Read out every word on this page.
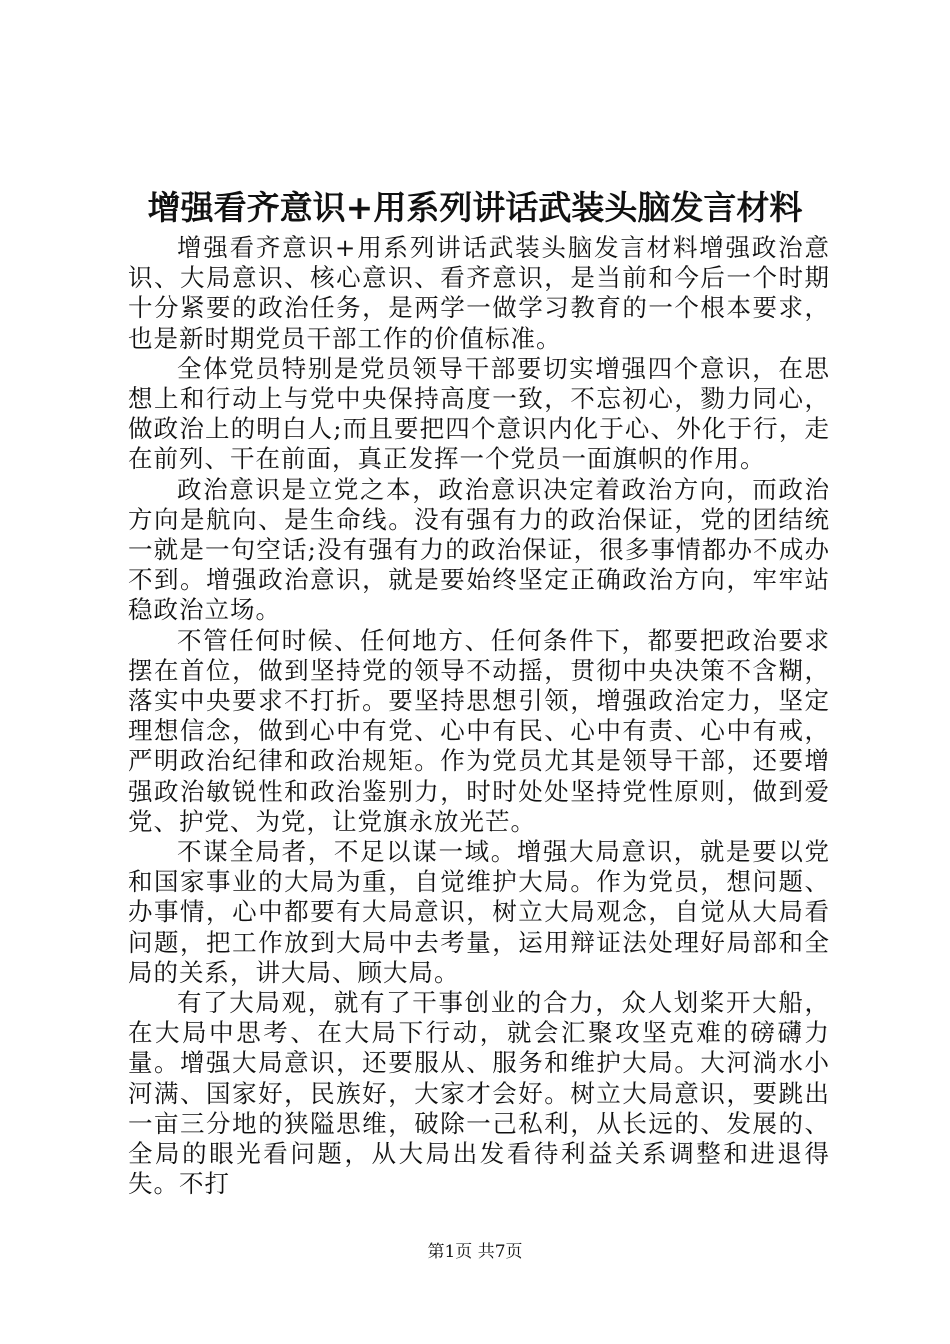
增强看齐意识+用系列讲话武装头脑发言材料

增强看齐意识+用系列讲话武装头脑发言材料增强政治意识、大局意识、核心意识、看齐意识，是当前和今后一个时期十分紧要的政治任务，是两学一做学习教育的一个根本要求，也是新时期党员干部工作的价值标准。

全体党员特别是党员领导干部要切实增强四个意识，在思想上和行动上与党中央保持高度一致，不忘初心，勠力同心，做政治上的明白人;而且要把四个意识内化于心、外化于行，走在前列、干在前面，真正发挥一个党员一面旗帜的作用。

政治意识是立党之本，政治意识决定着政治方向，而政治方向是航向、是生命线。没有强有力的政治保证，党的团结统一就是一句空话;没有强有力的政治保证，很多事情都办不成办不到。增强政治意识，就是要始终坚定正确政治方向，牢牢站稳政治立场。

不管任何时候、任何地方、任何条件下，都要把政治要求摆在首位，做到坚持党的领导不动摇，贯彻中央决策不含糊，落实中央要求不打折。要坚持思想引领，增强政治定力，坚定理想信念，做到心中有党、心中有民、心中有责、心中有戒，严明政治纪律和政治规矩。作为党员尤其是领导干部，还要增强政治敏锐性和政治鉴别力，时时处处坚持党性原则，做到爱党、护党、为党，让党旗永放光芒。

不谋全局者，不足以谋一域。增强大局意识，就是要以党和国家事业的大局为重，自觉维护大局。作为党员，想问题、办事情，心中都要有大局意识，树立大局观念，自觉从大局看问题，把工作放到大局中去考量，运用辩证法处理好局部和全局的关系，讲大局、顾大局。

有了大局观，就有了干事创业的合力，众人划桨开大船，在大局中思考、在大局下行动，就会汇聚攻坚克难的磅礴力量。增强大局意识，还要服从、服务和维护大局。大河淌水小河满、国家好，民族好，大家才会好。树立大局意识，要跳出一亩三分地的狭隘思维，破除一己私利，从长远的、发展的、全局的眼光看问题，从大局出发看待利益关系调整和进退得失。不打

第1页 共7页
